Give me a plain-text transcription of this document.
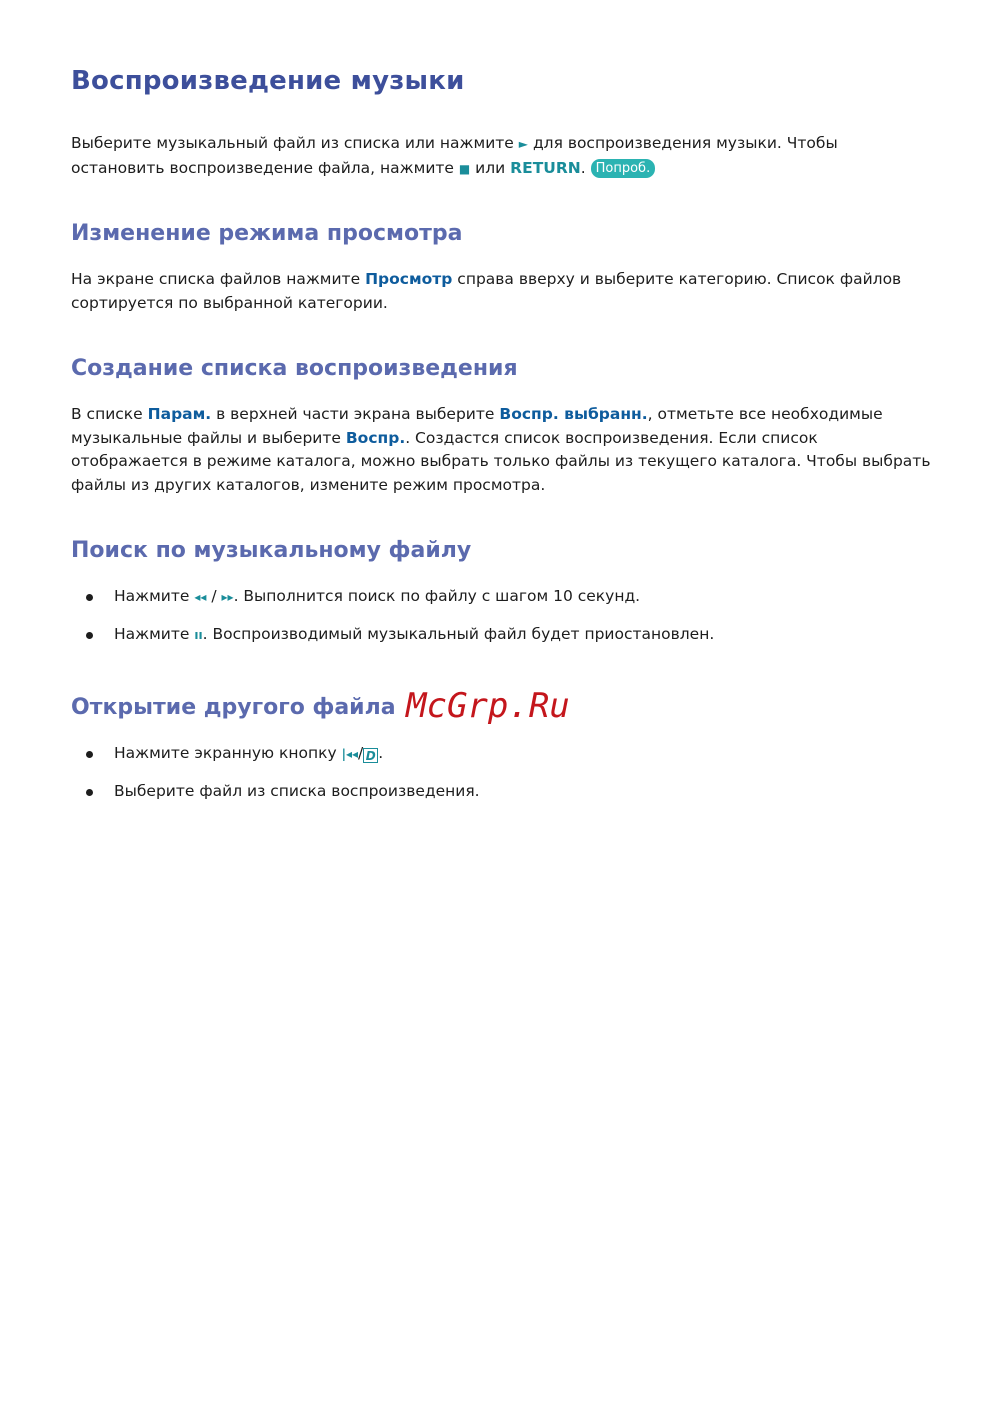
Воспроизведение музыки

Выберите музыкальный файл из списка или нажмите ► для воспроизведения музыки. Чтобы остановить воспроизведение файла, нажмите ■ или RETURN. Попроб.

Изменение режима просмотра

На экране списка файлов нажмите Просмотр справа вверху и выберите категорию. Список файлов сортируется по выбранной категории.

Создание списка воспроизведения

В списке Парам. в верхней части экрана выберите Воспр. выбранн., отметьте все необходимые музыкальные файлы и выберите Воспр.. Создастся список воспроизведения. Если список отображается в режиме каталога, можно выбрать только файлы из текущего каталога. Чтобы выбрать файлы из других каталогов, измените режим просмотра.

Поиск по музыкальному файлу
Нажмите ◂◂ / ▸▸. Выполнится поиск по файлу с шагом 10 секунд.
Нажмите ıı. Воспроизводимый музыкальный файл будет приостановлен.
Открытие другого файла
Нажмите экранную кнопку |◂◂/ D .
Выберите файл из списка воспроизведения.
McGrp.Ru
